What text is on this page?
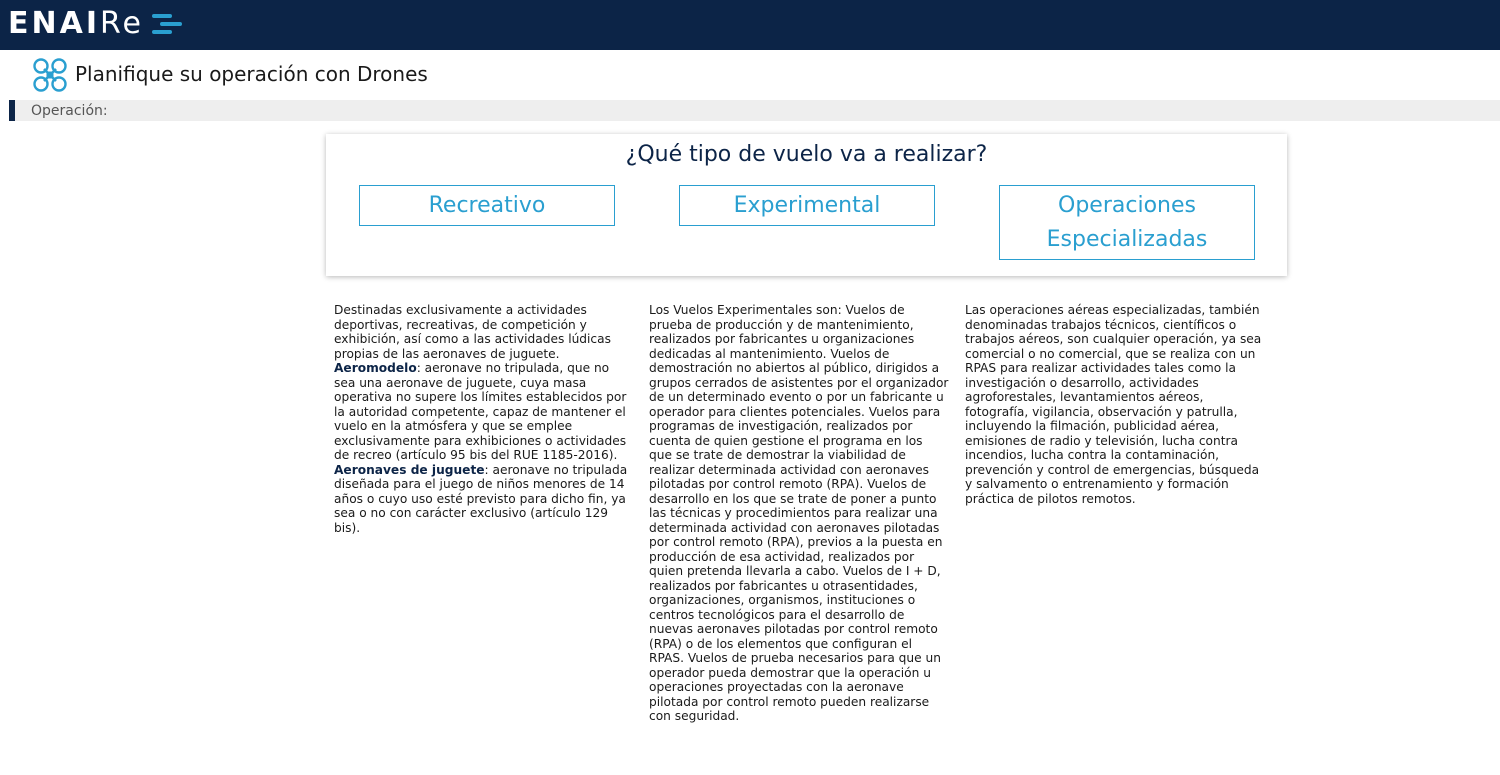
ENAIRe
Planifique su operación con Drones
Operación:
¿Qué tipo de vuelo va a realizar?
Recreativo	Experimental	Operaciones Especializadas
Destinadas exclusivamente a actividades deportivas, recreativas, de competición y exhibición, así como a las actividades lúdicas propias de las aeronaves de juguete. Aeromodelo: aeronave no tripulada, que no sea una aeronave de juguete, cuya masa operativa no supere los límites establecidos por la autoridad competente, capaz de mantener el vuelo en la atmósfera y que se emplee exclusivamente para exhibiciones o actividades de recreo (artículo 95 bis del RUE 1185-2016). Aeronaves de juguete: aeronave no tripulada diseñada para el juego de niños menores de 14 años o cuyo uso esté previsto para dicho fin, ya sea o no con carácter exclusivo (artículo 129 bis).
Los Vuelos Experimentales son: Vuelos de prueba de producción y de mantenimiento, realizados por fabricantes u organizaciones dedicadas al mantenimiento. Vuelos de demostración no abiertos al público, dirigidos a grupos cerrados de asistentes por el organizador de un determinado evento o por un fabricante u operador para clientes potenciales. Vuelos para programas de investigación, realizados por cuenta de quien gestione el programa en los que se trate de demostrar la viabilidad de realizar determinada actividad con aeronaves pilotadas por control remoto (RPA). Vuelos de desarrollo en los que se trate de poner a punto las técnicas y procedimientos para realizar una determinada actividad con aeronaves pilotadas por control remoto (RPA), previos a la puesta en producción de esa actividad, realizados por quien pretenda llevarla a cabo. Vuelos de I + D, realizados por fabricantes u otrasentidades, organizaciones, organismos, instituciones o centros tecnológicos para el desarrollo de nuevas aeronaves pilotadas por control remoto (RPA) o de los elementos que configuran el RPAS. Vuelos de prueba necesarios para que un operador pueda demostrar que la operación u operaciones proyectadas con la aeronave pilotada por control remoto pueden realizarse con seguridad.
Las operaciones aéreas especializadas, también denominadas trabajos técnicos, científicos o trabajos aéreos, son cualquier operación, ya sea comercial o no comercial, que se realiza con un RPAS para realizar actividades tales como la investigación o desarrollo, actividades agroforestales, levantamientos aéreos, fotografía, vigilancia, observación y patrulla, incluyendo la filmación, publicidad aérea, emisiones de radio y televisión, lucha contra incendios, lucha contra la contaminación, prevención y control de emergencias, búsqueda y salvamento o entrenamiento y formación práctica de pilotos remotos.
